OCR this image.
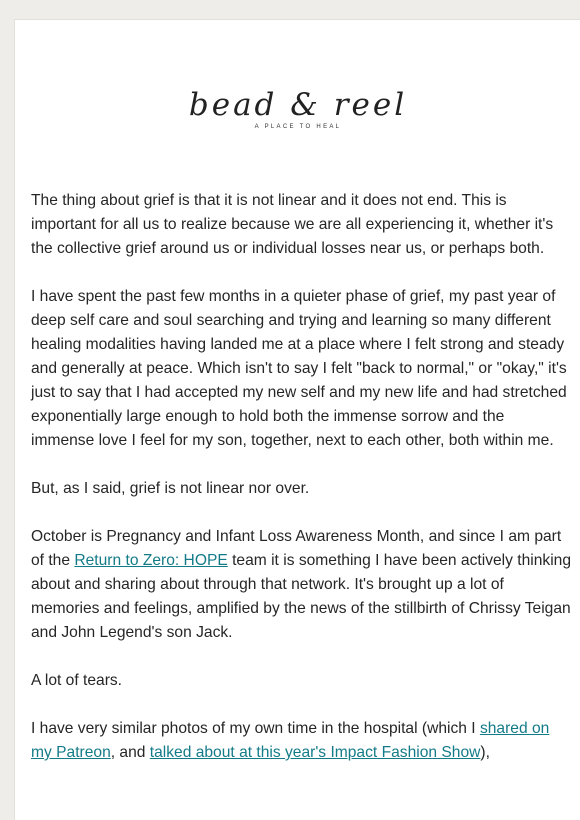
bead & reel
A PLACE TO HEAL

The thing about grief is that it is not linear and it does not end. This is important for all us to realize because we are all experiencing it, whether it's the collective grief around us or individual losses near us, or perhaps both.

I have spent the past few months in a quieter phase of grief, my past year of deep self care and soul searching and trying and learning so many different healing modalities having landed me at a place where I felt strong and steady and generally at peace. Which isn't to say I felt "back to normal," or "okay," it's just to say that I had accepted my new self and my new life and had stretched exponentially large enough to hold both the immense sorrow and the immense love I feel for my son, together, next to each other, both within me.

But, as I said, grief is not linear nor over.

October is Pregnancy and Infant Loss Awareness Month, and since I am part of the Return to Zero: HOPE team it is something I have been actively thinking about and sharing about through that network. It's brought up a lot of memories and feelings, amplified by the news of the stillbirth of Chrissy Teigan and John Legend's son Jack.

A lot of tears.

I have very similar photos of my own time in the hospital (which I shared on my Patreon, and talked about at this year's Impact Fashion Show),
